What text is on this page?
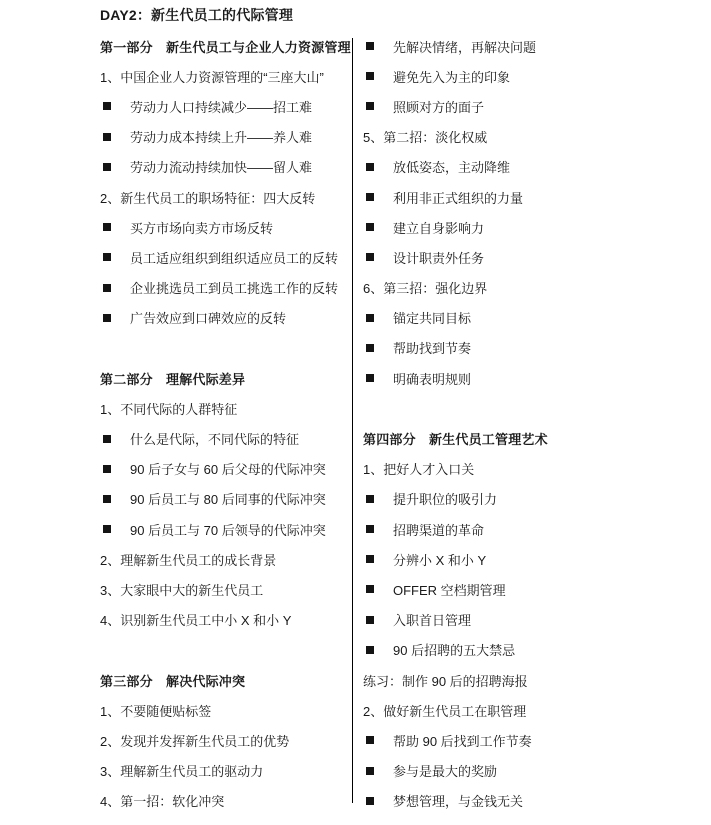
DAY2：新生代员工的代际管理
第一部分　新生代员工与企业人力资源管理
1、中国企业人力资源管理的“三座大山”
劳动力人口持续减少——招工难
劳动力成本持续上升——养人难
劳动力流动持续加快——留人难
2、新生代员工的职场特征：四大反转
买方市场向卖方市场反转
员工适应组织到组织适应员工的反转
企业挑选员工到员工挑选工作的反转
广告效应到口碑效应的反转
第二部分　理解代际差异
1、不同代际的人群特征
什么是代际，不同代际的特征
90 后子女与 60 后父母的代际冲突
90 后员工与 80 后同事的代际冲突
90 后员工与 70 后领导的代际冲突
2、理解新生代员工的成长背景
3、大家眼中大的新生代员工
4、识别新生代员工中小 X 和小 Y
第三部分　解决代际冲突
1、不要随便贴标签
2、发现并发挥新生代员工的优势
3、理解新生代员工的驱动力
4、第一招：软化冲突
先解决情绪，再解决问题
避免先入为主的印象
照顾对方的面子
5、第二招：淡化权威
放低姿态，主动降维
利用非正式组织的力量
建立自身影响力
设计职责外任务
6、第三招：强化边界
锚定共同目标
帮助找到节奏
明确表明规则
第四部分　新生代员工管理艺术
1、把好人才入口关
提升职位的吸引力
招聘渠道的革命
分辨小 X 和小 Y
OFFER 空档期管理
入职首日管理
90 后招聘的五大禁忌
练习：制作 90 后的招聘海报
2、做好新生代员工在职管理
帮助 90 后找到工作节奏
参与是最大的奖励
梦想管理，与金钱无关
